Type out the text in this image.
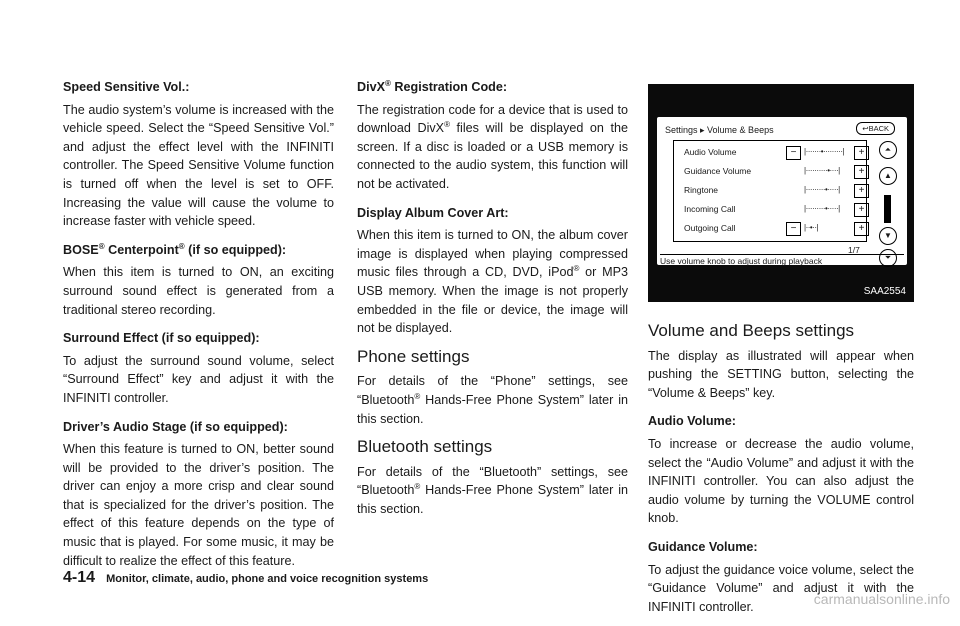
Speed Sensitive Vol.:

The audio system’s volume is increased with the vehicle speed. Select the “Speed Sensitive Vol.” and adjust the effect level with the INFINITI controller. The Speed Sensitive Volume function is turned off when the level is set to OFF. Increasing the value will cause the volume to increase faster with vehicle speed.

BOSE® Centerpoint® (if so equipped):

When this item is turned to ON, an exciting surround sound effect is generated from a traditional stereo recording.

Surround Effect (if so equipped):

To adjust the surround sound volume, select “Surround Effect” key and adjust it with the INFINITI controller.

Driver’s Audio Stage (if so equipped):

When this feature is turned to ON, better sound will be provided to the driver’s position. The driver can enjoy a more crisp and clear sound that is specialized for the driver’s position. The effect of this feature depends on the type of music that is played. For some music, it may be difficult to realize the effect of this feature.

DivX® Registration Code:

The registration code for a device that is used to download DivX® files will be displayed on the screen. If a disc is loaded or a USB memory is connected to the audio system, this function will not be activated.

Display Album Cover Art:

When this item is turned to ON, the album cover image is displayed when playing compressed music files through a CD, DVD, iPod® or MP3 USB memory. When the image is not properly embedded in the file or device, the image will not be displayed.

Phone settings

For details of the “Phone” settings, see “Bluetooth® Hands-Free Phone System” later in this section.

Bluetooth settings

For details of the “Bluetooth” settings, see “Bluetooth® Hands-Free Phone System” later in this section.

Settings ▸ Volume & Beeps	↩BACK
Audio Volume	− |·······•·········|	+
Guidance Volume	|··········•····|	+
Ringtone	|·········•·····|	+
Incoming Call	|·········•·····|	+
Outgoing Call	− |··•··|	+
⏶
▲
▼
⏷
1/7
Use volume knob to adjust during playback
SAA2554
Volume and Beeps settings

The display as illustrated will appear when pushing the SETTING button, selecting the “Volume & Beeps” key.

Audio Volume:

To increase or decrease the audio volume, select the “Audio Volume” and adjust it with the INFINITI controller. You can also adjust the audio volume by turning the VOLUME control knob.

Guidance Volume:

To adjust the guidance voice volume, select the “Guidance Volume” and adjust it with the INFINITI controller.

4-14 Monitor, climate, audio, phone and voice recognition systems
carmanualsonline.info
